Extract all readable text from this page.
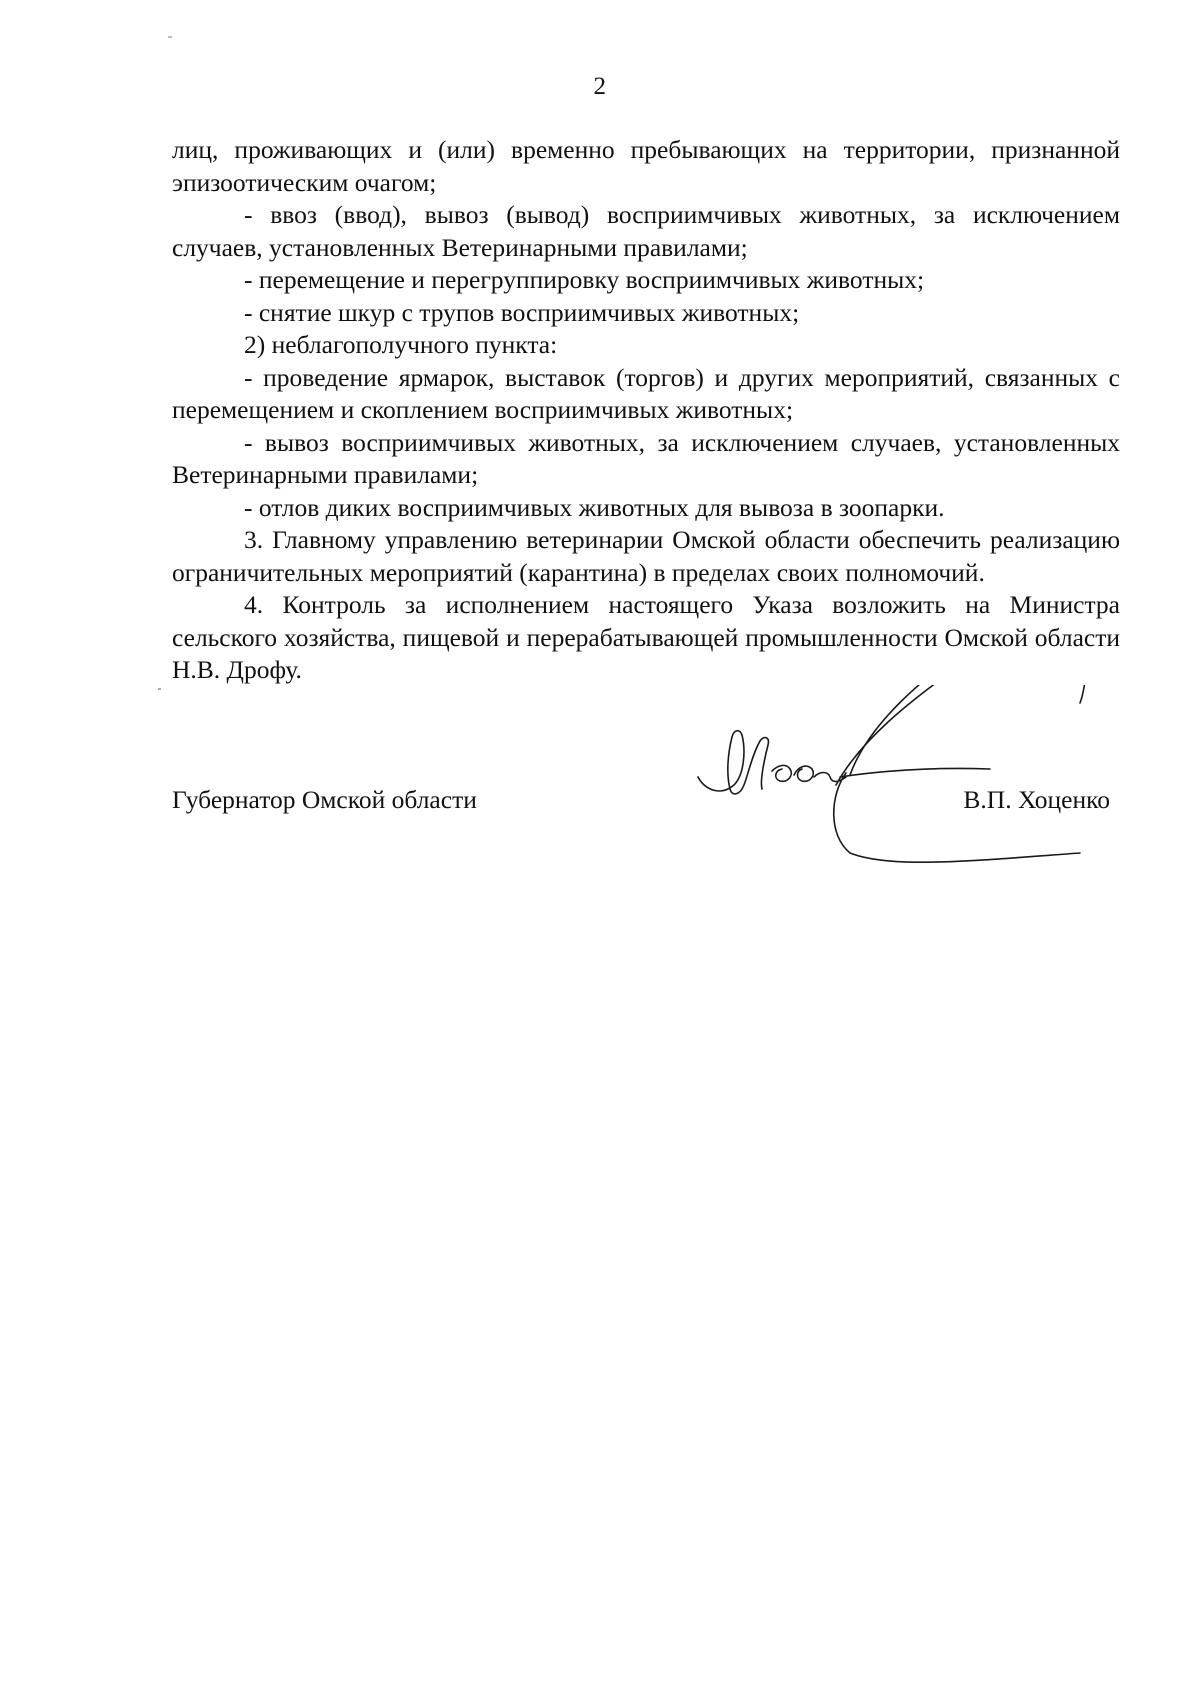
2

лиц, проживающих и (или) временно пребывающих на территории, признанной эпизоотическим очагом;

- ввоз (ввод), вывоз (вывод) восприимчивых животных, за исключением случаев, установленных Ветеринарными правилами;

- перемещение и перегруппировку восприимчивых животных;

- снятие шкур с трупов восприимчивых животных;

2) неблагополучного пункта:

- проведение ярмарок, выставок (торгов) и других мероприятий, связанных с перемещением и скоплением восприимчивых животных;

- вывоз восприимчивых животных, за исключением случаев, установленных Ветеринарными правилами;

- отлов диких восприимчивых животных для вывоза в зоопарки.

3. Главному управлению ветеринарии Омской области обеспечить реализацию ограничительных мероприятий (карантина) в пределах своих полномочий.

4. Контроль за исполнением настоящего Указа возложить на Министра сельского хозяйства, пищевой и перерабатывающей промышленности Омской области Н.В. Дрофу.

Губернатор Омской области	В.П. Хоценко
